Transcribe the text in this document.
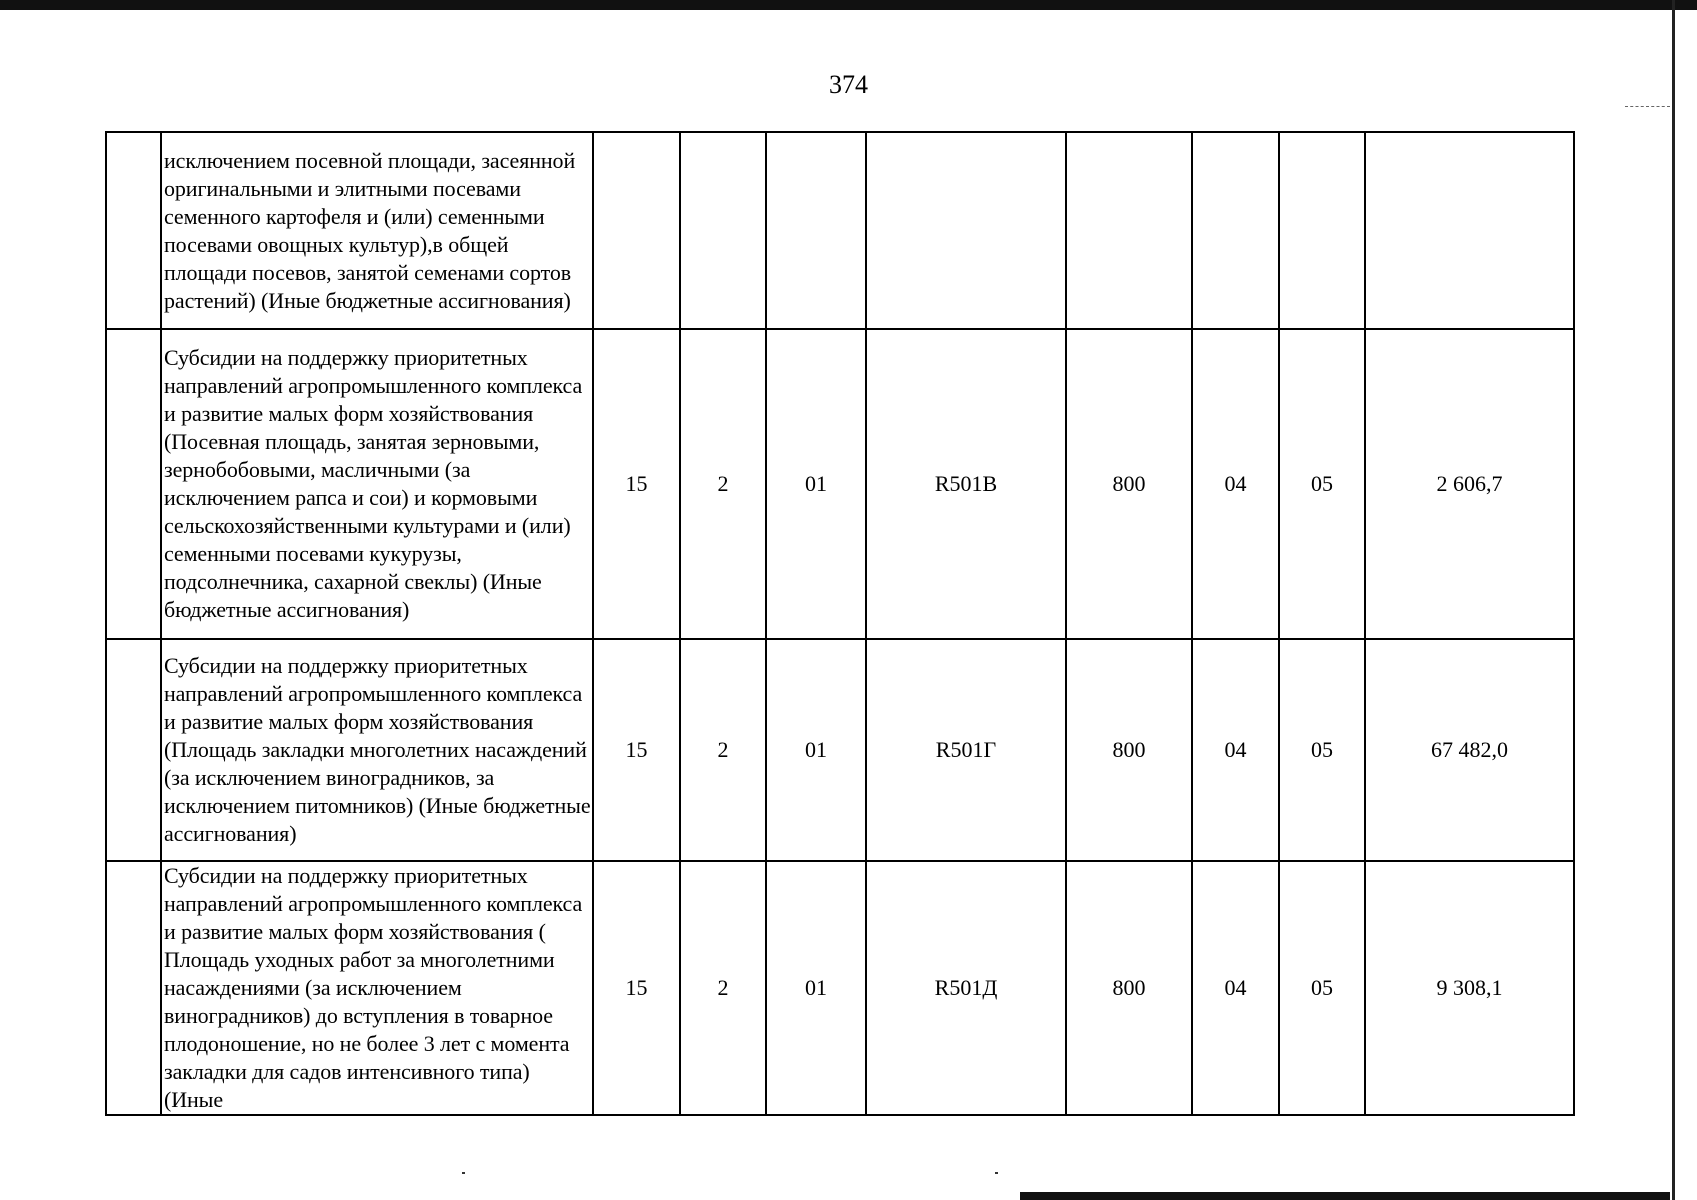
374
	исключением посевной площади, засеянной оригинальными и элитными посевами семенного картофеля и (или) семенными посевами овощных культур),в общей площади посевов, занятой семенами сортов растений) (Иные бюджетные ассигнования)								
	Субсидии на поддержку приоритетных направлений агропромышленного комплекса и развитие малых форм хозяйствования (Посевная площадь, занятая зерновыми, зернобобовыми, масличными (за исключением рапса и сои) и кормовыми сельскохозяйственными культурами и (или) семенными посевами кукурузы, подсолнечника, сахарной свеклы) (Иные бюджетные ассигнования)	15	2	01	R501В	800	04	05	2 606,7
	Субсидии на поддержку приоритетных направлений агропромышленного комплекса и развитие малых форм хозяйствования (Площадь закладки многолетних насаждений (за исключением виноградников, за исключением питомников) (Иные бюджетные ассигнования)	15	2	01	R501Г	800	04	05	67 482,0
	Субсидии на поддержку приоритетных направлений агропромышленного комплекса и развитие малых форм хозяйствования ( Площадь уходных работ за многолетними насаждениями (за исключением виноградников) до вступления в товарное плодоношение, но не более 3 лет с момента закладки для садов интенсивного типа) (Иные	15	2	01	R501Д	800	04	05	9 308,1
